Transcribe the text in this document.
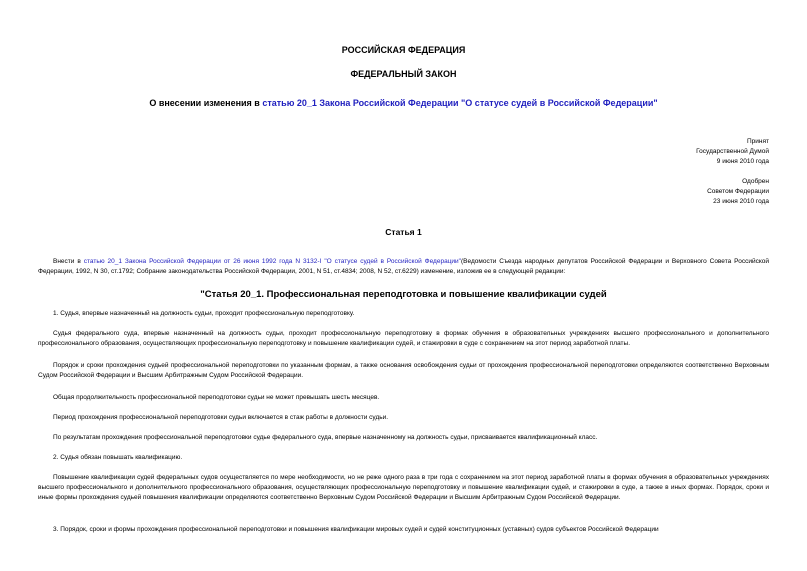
РОССИЙСКАЯ ФЕДЕРАЦИЯ
ФЕДЕРАЛЬНЫЙ ЗАКОН
О внесении изменения в статью 20_1 Закона Российской Федерации "О статусе судей в Российской Федерации"
Принят
Государственной Думой
9 июня 2010 года
Одобрен
Советом Федерации
23 июня 2010 года
Статья 1
Внести в статью 20_1 Закона Российской Федерации от 26 июня 1992 года N 3132-I "О статусе судей в Российской Федерации"(Ведомости Съезда народных депутатов Российской Федерации и Верховного Совета Российской Федерации, 1992, N 30, ст.1792; Собрание законодательства Российской Федерации, 2001, N 51, ст.4834; 2008, N 52, ст.6229) изменение, изложив ее в следующей редакции:
"Статья 20_1. Профессиональная переподготовка и повышение квалификации судей
1. Судья, впервые назначенный на должность судьи, проходит профессиональную переподготовку.
Судья федерального суда, впервые назначенный на должность судьи, проходит профессиональную переподготовку в формах обучения в образовательных учреждениях высшего профессионального и дополнительного профессионального образования, осуществляющих профессиональную переподготовку и повышение квалификации судей, и стажировки в суде с сохранением на этот период заработной платы.
Порядок и сроки прохождения судьей профессиональной переподготовки по указанным формам, а также основания освобождения судьи от прохождения профессиональной переподготовки определяются соответственно Верховным Судом Российской Федерации и Высшим Арбитражным Судом Российской Федерации.
Общая продолжительность профессиональной переподготовки судьи не может превышать шесть месяцев.
Период прохождения профессиональной переподготовки судьи включается в стаж работы в должности судьи.
По результатам прохождения профессиональной переподготовки судье федерального суда, впервые назначенному на должность судьи, присваивается квалификационный класс.
2. Судья обязан повышать квалификацию.
Повышение квалификации судей федеральных судов осуществляется по мере необходимости, но не реже одного раза в три года с сохранением на этот период заработной платы в формах обучения в образовательных учреждениях высшего профессионального и дополнительного профессионального образования, осуществляющих профессиональную переподготовку и повышение квалификации судей, и стажировки в суде, а также в иных формах. Порядок, сроки и иные формы прохождения судьей повышения квалификации определяются соответственно Верховным Судом Российской Федерации и Высшим Арбитражным Судом Российской Федерации.
3. Порядок, сроки и формы прохождения профессиональной переподготовки и повышения квалификации мировых судей и судей конституционных (уставных) судов субъектов Российской Федерации
